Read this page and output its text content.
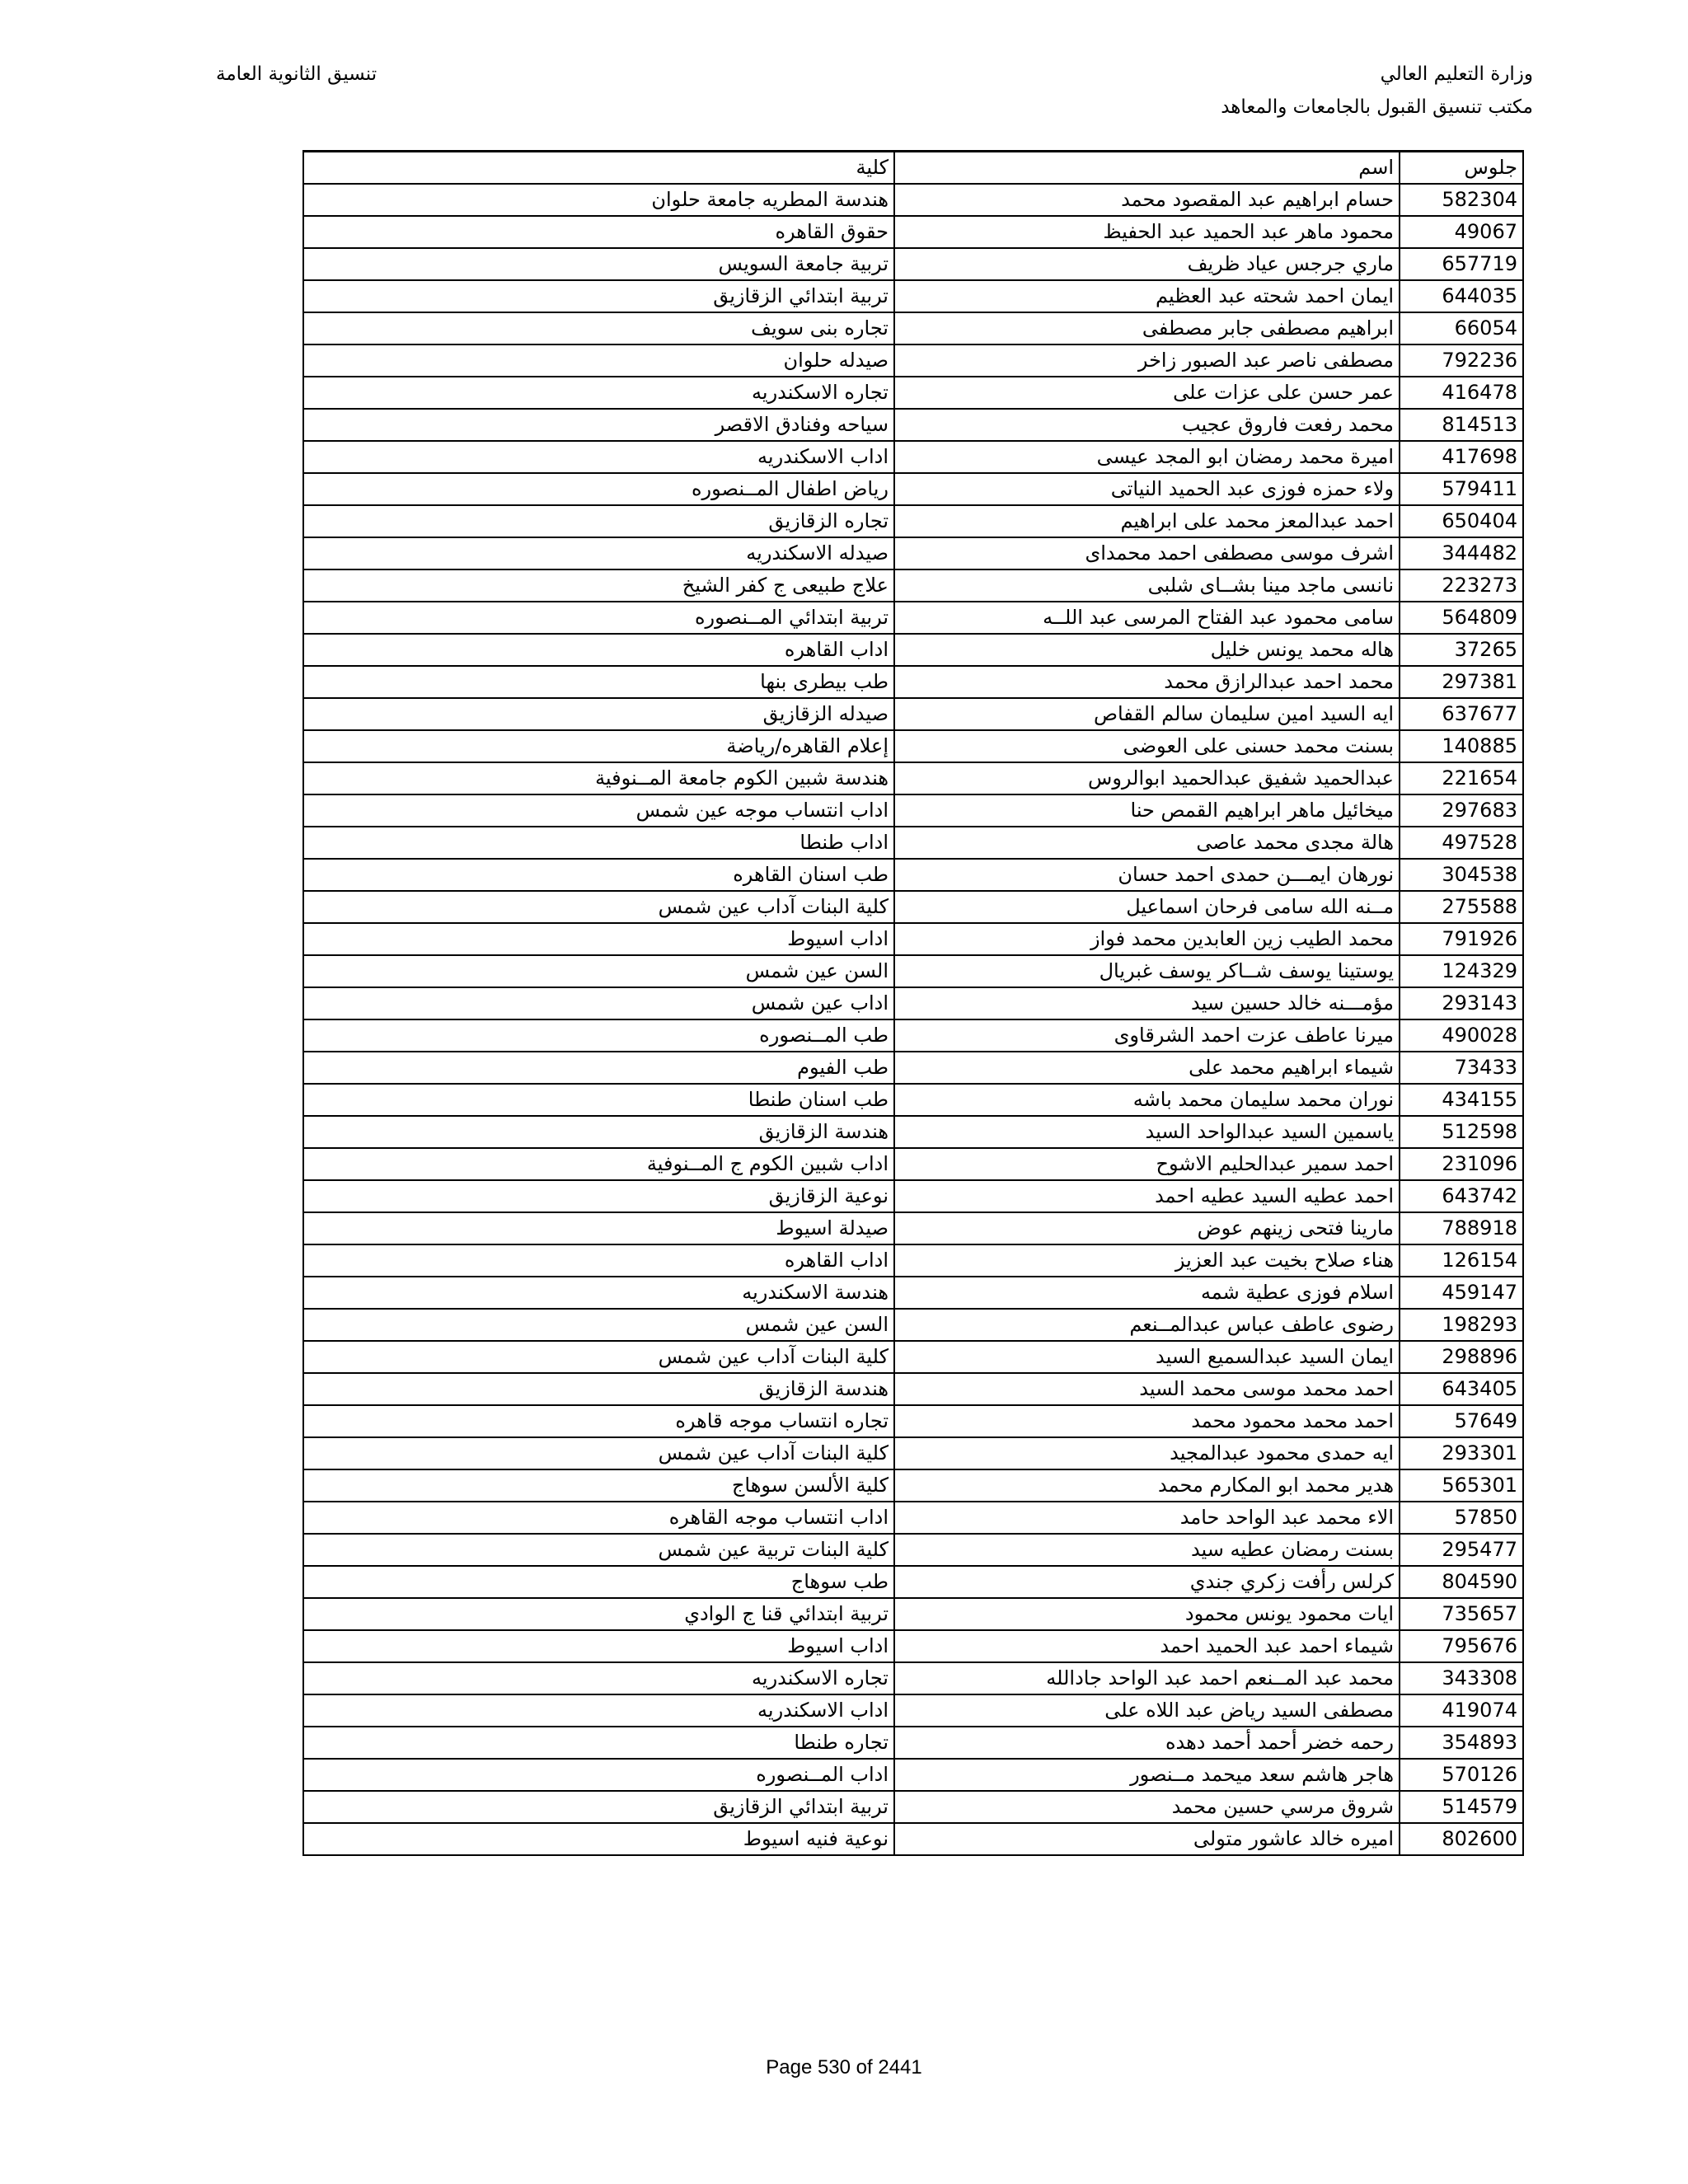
وزارة التعليم العالي
مكتب تنسيق القبول بالجامعات والمعاهد
تنسيق الثانوية العامة
جلوس	اسم	كلية
582304	حسام ابراهيم عبد المقصود محمد	هندسة المطريه جامعة حلوان
49067	محمود ماهر عبد الحميد عبد الحفيظ	حقوق القاهره
657719	ماري جرجس عياد ظريف	تربية جامعة السويس
644035	ايمان احمد شحته عبد العظيم	تربية ابتدائي الزقازيق
66054	ابراهيم مصطفى جابر مصطفى	تجاره بنى سويف
792236	مصطفى ناصر عبد الصبور زاخر	صيدله حلوان
416478	عمر حسن على عزات على	تجاره الاسكندريه
814513	محمد رفعت فاروق عجيب	سياحه وفنادق الاقصر
417698	اميرة محمد رمضان ابو المجد عيسى	اداب الاسكندريه
579411	ولاء حمزه فوزى عبد الحميد النياتى	رياض اطفال المــنصوره
650404	احمد عبدالمعز محمد على ابراهيم	تجاره الزقازيق
344482	اشرف موسى مصطفى احمد محمداى	صيدله الاسكندريه
223273	نانسى ماجد مينا بشــاى شلبى	علاج طبيعى ج كفر الشيخ
564809	سامى محمود عبد الفتاح المرسى عبد اللــه	تربية ابتدائي المــنصوره
37265	هاله محمد يونس خليل	اداب القاهره
297381	محمد احمد عبدالرازق محمد	طب بيطرى بنها
637677	ايه السيد امين سليمان سالم القفاص	صيدله الزقازيق
140885	بسنت محمد حسنى على العوضى	إعلام القاهره/رياضة
221654	عبدالحميد شفيق عبدالحميد ابوالروس	هندسة شبين الكوم جامعة المــنوفية
297683	ميخائيل ماهر ابراهيم القمص حنا	اداب انتساب موجه عين شمس
497528	هالة مجدى محمد عاصى	اداب طنطا
304538	نورهان ايمـــن حمدى احمد حسان	طب اسنان القاهره
275588	مــنه الله سامى فرحان اسماعيل	كلية البنات آداب عين شمس
791926	محمد الطيب زين العابدين محمد فواز	اداب اسيوط
124329	يوستينا يوسف شــاكر يوسف غبريال	السن عين شمس
293143	مؤمـــنه خالد حسين سيد	اداب عين شمس
490028	ميرنا عاطف عزت احمد الشرقاوى	طب المــنصوره
73433	شيماء ابراهيم محمد على	طب الفيوم
434155	نوران محمد سليمان محمد باشه	طب اسنان طنطا
512598	ياسمين السيد عبدالواحد السيد	هندسة الزقازيق
231096	احمد سمير عبدالحليم الاشوح	اداب شبين الكوم ج المــنوفية
643742	احمد عطيه السيد عطيه احمد	نوعية الزقازيق
788918	مارينا فتحى زينهم عوض	صيدلة اسيوط
126154	هناء صلاح بخيت عبد العزيز	اداب القاهره
459147	اسلام فوزى عطية شمه	هندسة الاسكندريه
198293	رضوى عاطف عباس عبدالمــنعم	السن عين شمس
298896	ايمان السيد عبدالسميع السيد	كلية البنات آداب عين شمس
643405	احمد محمد موسى محمد السيد	هندسة الزقازيق
57649	احمد محمد محمود محمد	تجاره انتساب موجه قاهره
293301	ايه حمدى محمود عبدالمجيد	كلية البنات آداب عين شمس
565301	هدير محمد ابو المكارم محمد	كلية الألسن سوهاج
57850	الاء محمد عبد الواحد حامد	اداب انتساب موجه القاهره
295477	بسنت رمضان عطيه سيد	كلية البنات تربية عين شمس
804590	كرلس رأفت زكري جندي	طب سوهاج
735657	ايات محمود يونس محمود	تربية ابتدائي قنا ج الوادي
795676	شيماء احمد عبد الحميد احمد	اداب اسيوط
343308	محمد عبد المــنعم احمد عبد الواحد جادالله	تجاره الاسكندريه
419074	مصطفى السيد رياض عبد اللاه على	اداب الاسكندريه
354893	رحمه خضر أحمد أحمد دهده	تجاره طنطا
570126	هاجر هاشم سعد ميحمد مــنصور	اداب المــنصوره
514579	شروق مرسي حسين محمد	تربية ابتدائي الزقازيق
802600	اميره خالد عاشور متولى	نوعية فنيه اسيوط
Page 530 of 2441
